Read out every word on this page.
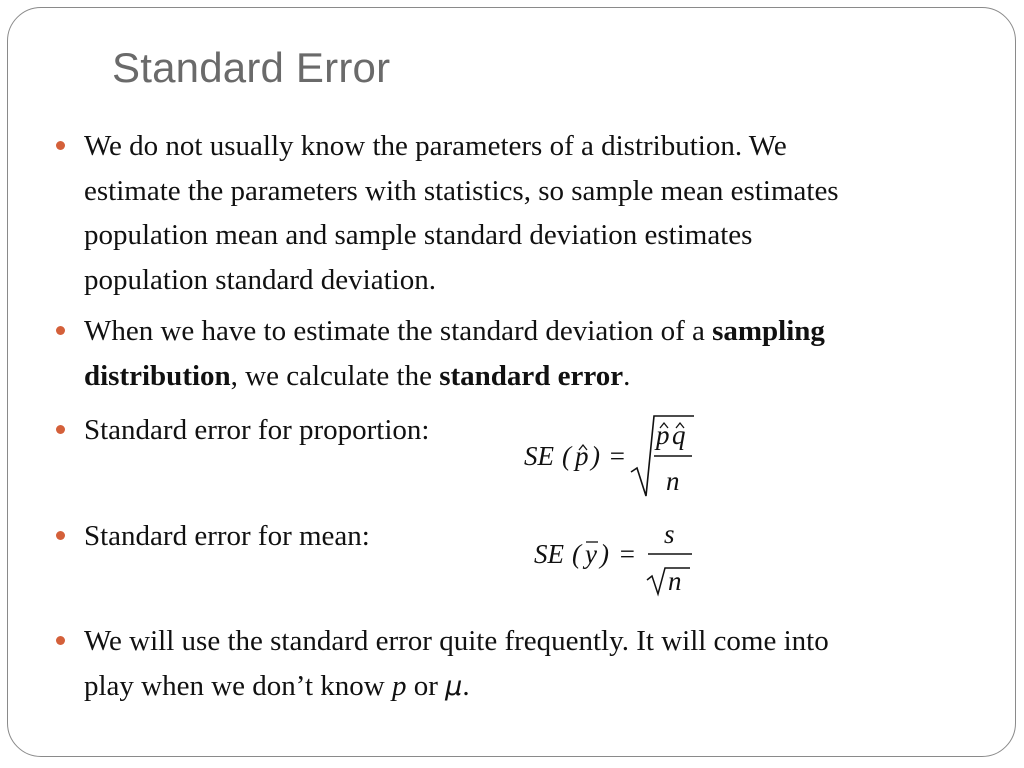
Standard Error
We do not usually know the parameters of a distribution. We
estimate the parameters with statistics, so sample mean estimates
population mean and sample standard deviation estimates
population standard deviation.
When we have to estimate the standard deviation of a sampling
distribution, we calculate the standard error.
Standard error for proportion:
Standard error for mean:
We will use the standard error quite frequently. It will come into
play when we don’t know p or μ.
SE ( p ) =
p q
n
SE ( y ) =
s
n
